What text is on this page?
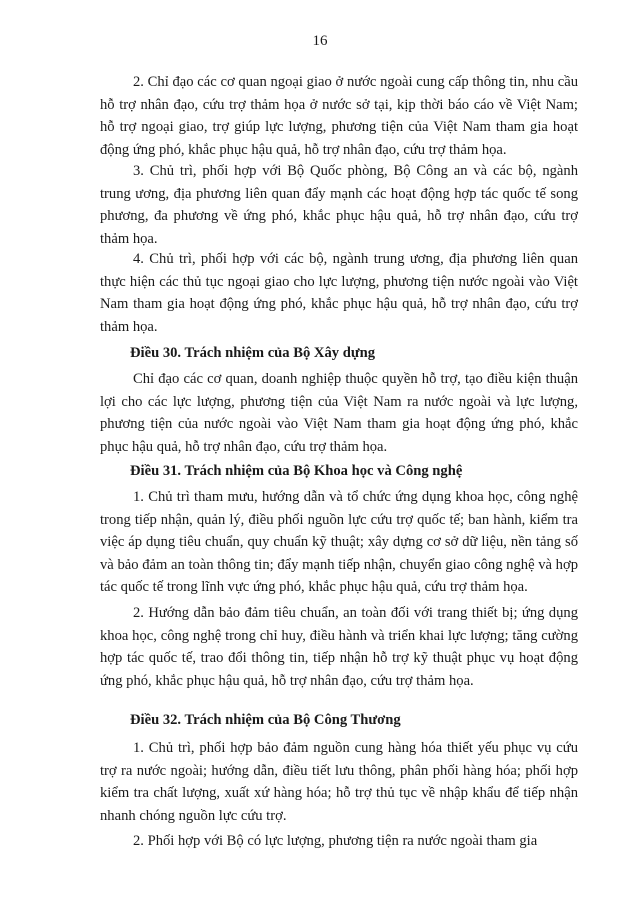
16

2. Chỉ đạo các cơ quan ngoại giao ở nước ngoài cung cấp thông tin, nhu cầu hỗ trợ nhân đạo, cứu trợ thảm họa ở nước sở tại, kịp thời báo cáo về Việt Nam; hỗ trợ ngoại giao, trợ giúp lực lượng, phương tiện của Việt Nam tham gia hoạt động ứng phó, khắc phục hậu quả, hỗ trợ nhân đạo, cứu trợ thảm họa.

3. Chủ trì, phối hợp với Bộ Quốc phòng, Bộ Công an và các bộ, ngành trung ương, địa phương liên quan đẩy mạnh các hoạt động hợp tác quốc tế song phương, đa phương về ứng phó, khắc phục hậu quả, hỗ trợ nhân đạo, cứu trợ thảm họa.

4. Chủ trì, phối hợp với các bộ, ngành trung ương, địa phương liên quan thực hiện các thủ tục ngoại giao cho lực lượng, phương tiện nước ngoài vào Việt Nam tham gia hoạt động ứng phó, khắc phục hậu quả, hỗ trợ nhân đạo, cứu trợ thảm họa.

Điều 30. Trách nhiệm của Bộ Xây dựng

Chỉ đạo các cơ quan, doanh nghiệp thuộc quyền hỗ trợ, tạo điều kiện thuận lợi cho các lực lượng, phương tiện của Việt Nam ra nước ngoài và lực lượng, phương tiện của nước ngoài vào Việt Nam tham gia hoạt động ứng phó, khắc phục hậu quả, hỗ trợ nhân đạo, cứu trợ thảm họa.

Điều 31. Trách nhiệm của Bộ Khoa học và Công nghệ

1. Chủ trì tham mưu, hướng dẫn và tổ chức ứng dụng khoa học, công nghệ trong tiếp nhận, quản lý, điều phối nguồn lực cứu trợ quốc tế; ban hành, kiểm tra việc áp dụng tiêu chuẩn, quy chuẩn kỹ thuật; xây dựng cơ sở dữ liệu, nền tảng số và bảo đảm an toàn thông tin; đẩy mạnh tiếp nhận, chuyển giao công nghệ và hợp tác quốc tế trong lĩnh vực ứng phó, khắc phục hậu quả, cứu trợ thảm họa.

2. Hướng dẫn bảo đảm tiêu chuẩn, an toàn đối với trang thiết bị; ứng dụng khoa học, công nghệ trong chỉ huy, điều hành và triển khai lực lượng; tăng cường hợp tác quốc tế, trao đổi thông tin, tiếp nhận hỗ trợ kỹ thuật phục vụ hoạt động ứng phó, khắc phục hậu quả, hỗ trợ nhân đạo, cứu trợ thảm họa.

Điều 32. Trách nhiệm của Bộ Công Thương

1. Chủ trì, phối hợp bảo đảm nguồn cung hàng hóa thiết yếu phục vụ cứu trợ ra nước ngoài; hướng dẫn, điều tiết lưu thông, phân phối hàng hóa; phối hợp kiểm tra chất lượng, xuất xứ hàng hóa; hỗ trợ thủ tục về nhập khẩu để tiếp nhận nhanh chóng nguồn lực cứu trợ.

2. Phối hợp với Bộ có lực lượng, phương tiện ra nước ngoài tham gia
